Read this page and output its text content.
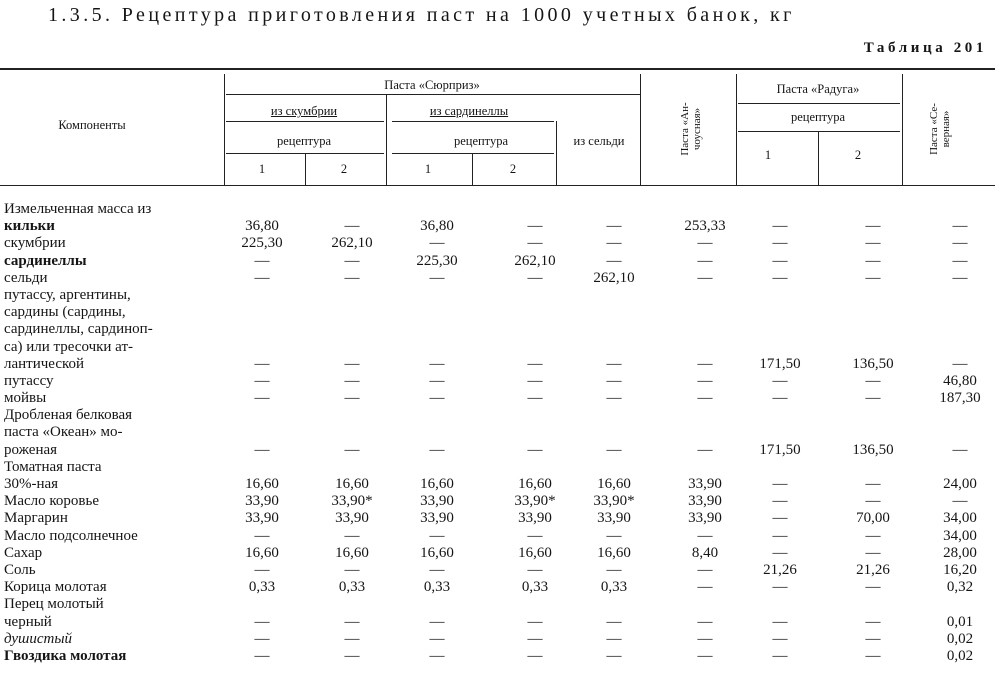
1.3.5. Рецептура приготовления паст на 1000 учетных банок, кг
Таблица 201
Компоненты
Паста «Сюрприз»
из скумбрии	из сардинеллы
рецептура	рецептура	из сельди
Паста «Радуга»
рецептура
1	2	1	2
1	2
Паста «Ан- чоусная»	Паста «Се- верная»
Измельченная масса из
кильки	36,80	—	36,80	—	—	253,33	—	—	—
скумбрии	225,30	262,10	—	—	—	—	—	—	—
сардинеллы	—	—	225,30	262,10	—	—	—	—	—
сельди	—	—	—	—	262,10	—	—	—	—
путассу, аргентины,
сардины (сардины,
сардинеллы, сардиноп-
са) или тресочки ат-
лантической	—	—	—	—	—	—	171,50	136,50	—
путассу	—	—	—	—	—	—	—	—	46,80
мойвы	—	—	—	—	—	—	—	—	187,30
Дробленая белковая
паста «Океан» мо-
роженая	—	—	—	—	—	—	171,50	136,50	—
Томатная паста
30%-ная	16,60	16,60	16,60	16,60	16,60	33,90	—	—	24,00
Масло коровье	33,90	33,90*	33,90	33,90*	33,90*	33,90	—	—	—
Маргарин	33,90	33,90	33,90	33,90	33,90	33,90	—	70,00	34,00
Масло подсолнечное	—	—	—	—	—	—	—	—	34,00
Сахар	16,60	16,60	16,60	16,60	16,60	8,40	—	—	28,00
Соль	—	—	—	—	—	—	21,26	21,26	16,20
Корица молотая	0,33	0,33	0,33	0,33	0,33	—	—	—	0,32
Перец молотый
черный	—	—	—	—	—	—	—	—	0,01
душистый	—	—	—	—	—	—	—	—	0,02
Гвоздика молотая	—	—	—	—	—	—	—	—	0,02
